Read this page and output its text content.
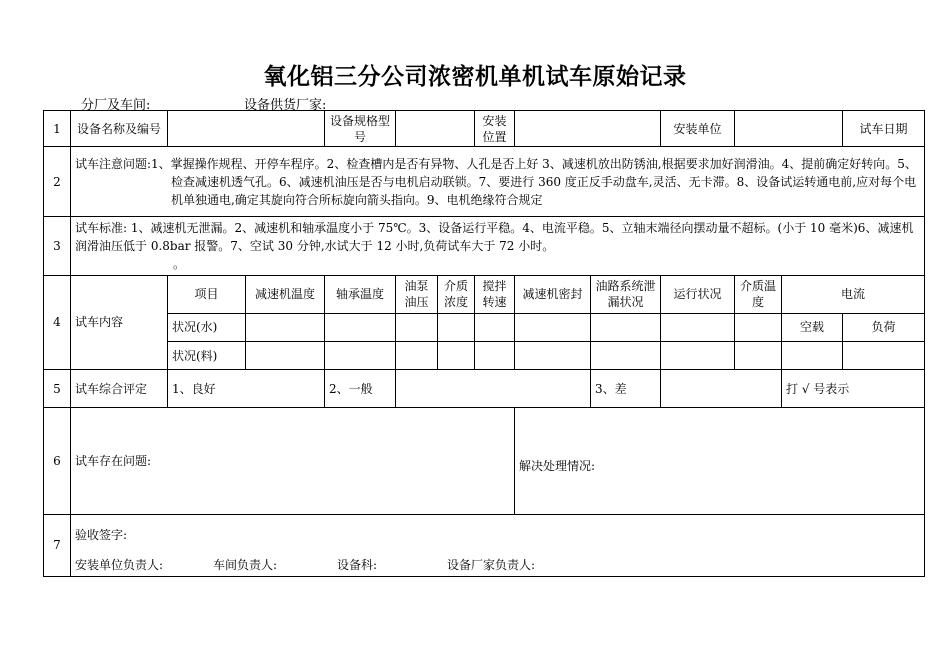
氧化铝三分公司浓密机单机试车原始记录
分厂及车间:	设备供货厂家:
1	设备名称及编号			设备规格型号			安装位置			安装单位			试车日期	
2	试车注意问题:1、掌握操作规程、开停车程序。2、检查槽内是否有异物、人孔是否上好 3、减速机放出防锈油,根据要求加好润滑油。4、提前确定好转向。5、检查减速机透气孔。6、减速机油压是否与电机启动联锁。7、要进行 360 度正反手动盘车,灵活、无卡滞。8、设备试运转通电前,应对每个电机单独通电,确定其旋向符合所标旋向箭头指向。9、电机绝缘符合规定													

3	试车标准: 1、减速机无泄漏。2、减速机和轴承温度小于 75℃。3、设备运行平稳。4、电流平稳。5、立轴末端径向摆动量不超标。(小于 10 毫米)6、减速机润滑油压低于 0.8bar 报警。7、空试 30 分钟,水试大于 12 小时,负荷试车大于 72 小时。
。													

4	试车内容	项目	减速机温度	轴承温度	油泵油压	介质浓度	搅拌转速	减速机密封	油路系统泄漏状况	运行状况	介质温度	电流		
		状况(水)										空载	负荷	
		状况(料)												
5	试车综合评定	1、良好		2、一般					3、差			打 √ 号表示		
6	试车存在问题:							解决处理情况:						

7	验收签字:
安装单位负责人: 车间负责人: 设备科: 设备厂家负责人:													
